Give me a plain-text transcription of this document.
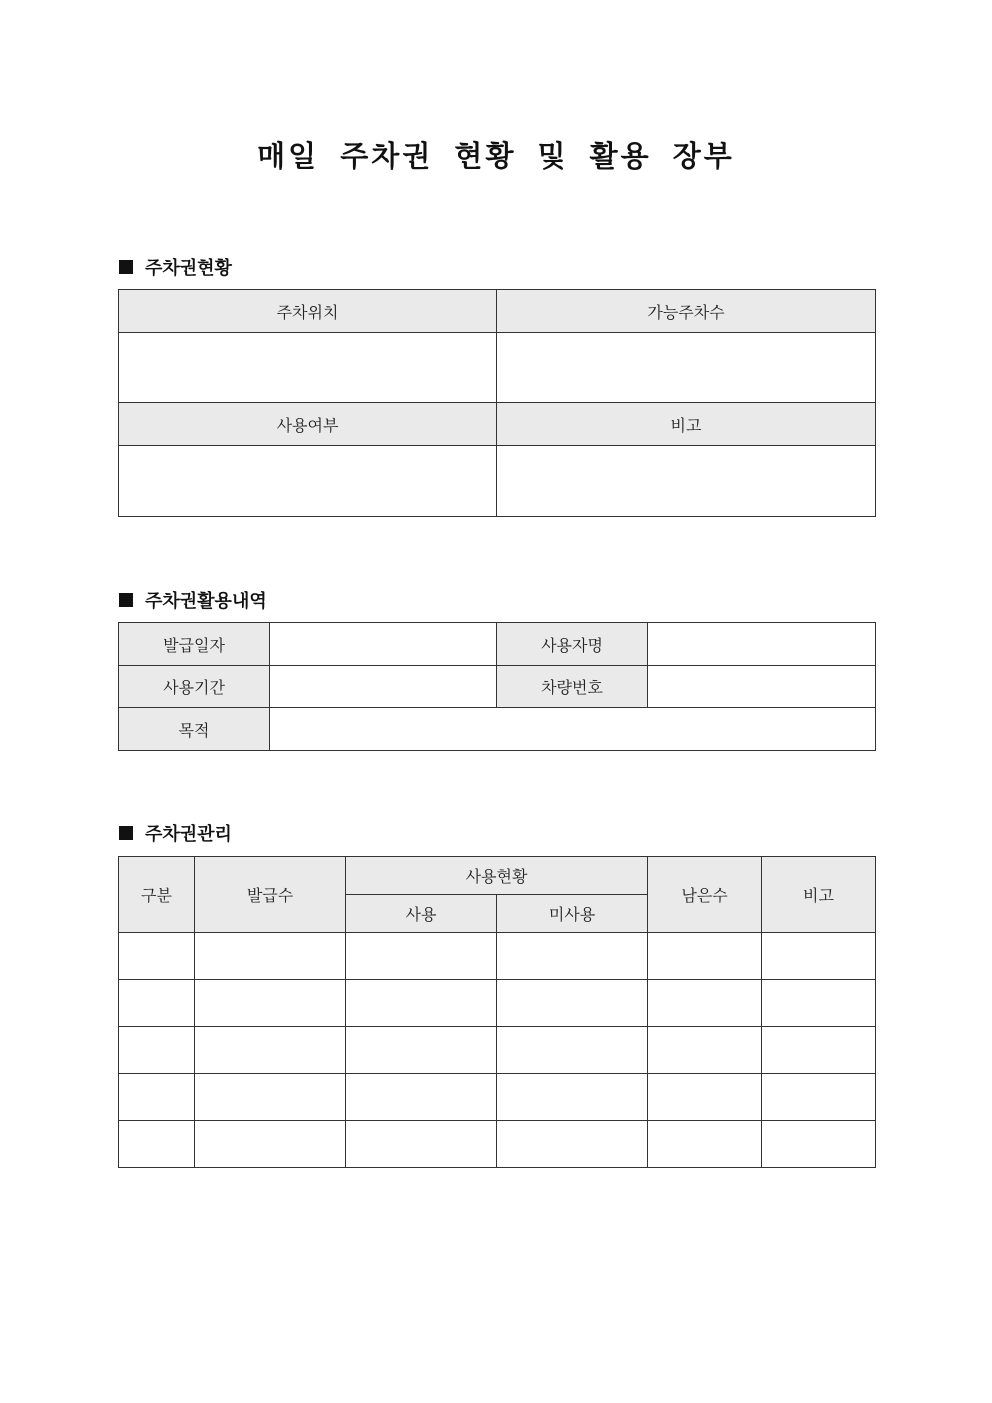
매일 주차권 현황 및 활용 장부
주차권현황
주차위치	가능주차수

사용여부	비고

주차권활용내역
발급일자		사용자명	
사용기간		차량번호	
목적			
주차권관리
구분	발급수	사용현황		남은수	비고
		사용	미사용		
